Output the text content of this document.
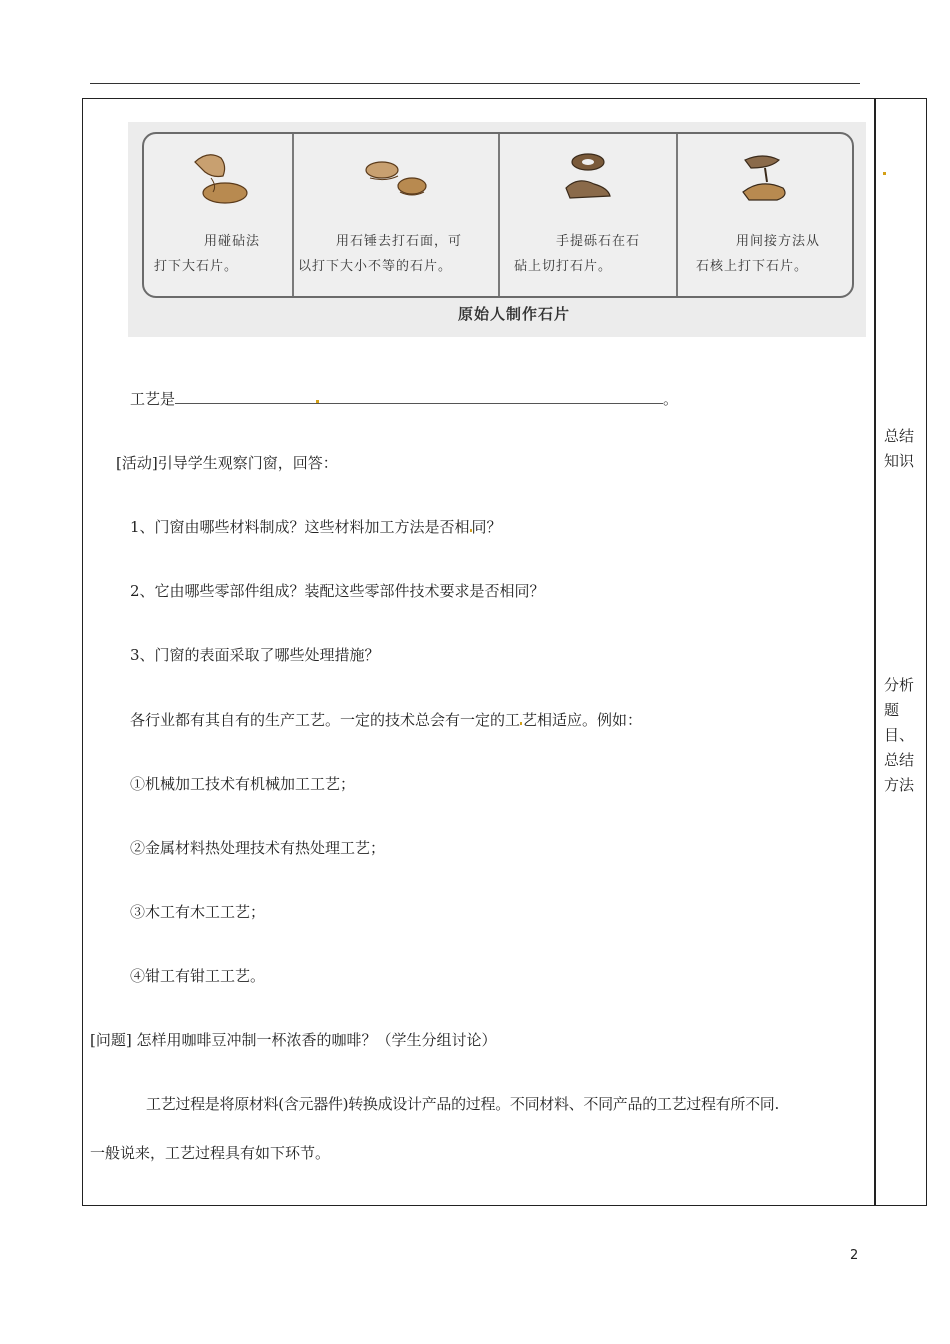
用碰砧法
打下大石片。
用石锤去打石面，可
以打下大小不等的石片。
手提砾石在石
砧上切打石片。
用间接方法从
石核上打下石片。
原始人制作石片
工艺是	。
[活动]引导学生观察门窗，回答：
1、门窗由哪些材料制成？这些材料加工方法是否相 同？
2、它由哪些零部件组成？装配这些零部件技术要求是否相同？
3、门窗的表面采取了哪些处理措施？
各行业都有其自有的生产工艺。一定的技术总会有一定的工 艺相适应。例如：
①机械加工技术有机械加工工艺；
②金属材料热处理技术有热处理工艺；
③木工有木工工艺；
④钳工有钳工工艺。
[问题] 怎样用咖啡豆冲制一杯浓香的咖啡？（学生分组讨论）
工艺过程是将原材料(含元器件)转换成设计产品的过程。不同材料、不同产品的工艺过程有所不同.
一般说来，工艺过程具有如下环节。
总结
知识
分析
题
目、
总结
方法
2
